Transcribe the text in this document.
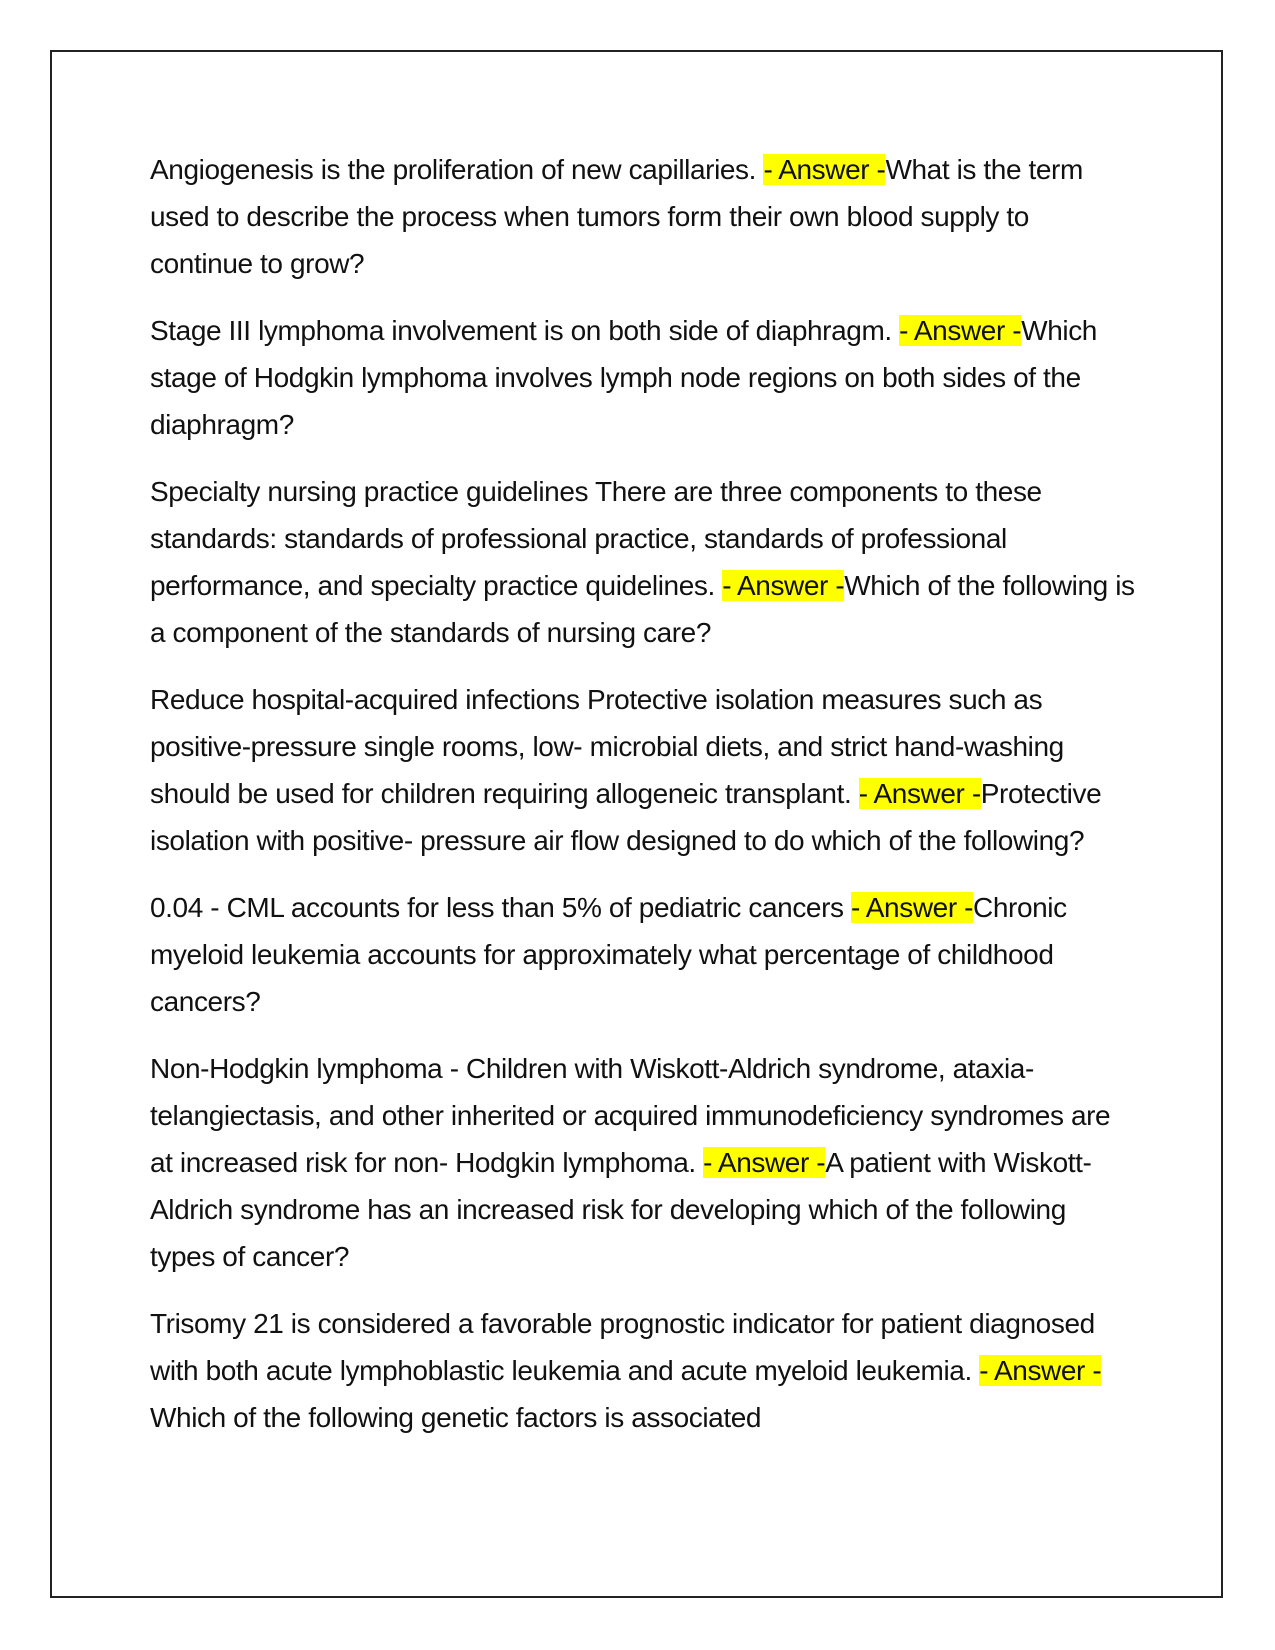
Angiogenesis is the proliferation of new capillaries. - Answer -What is the term used to describe the process when tumors form their own blood supply to continue to grow?

Stage III lymphoma involvement is on both side of diaphragm. - Answer -Which stage of Hodgkin lymphoma involves lymph node regions on both sides of the diaphragm?

Specialty nursing practice guidelines There are three components to these standards: standards of professional practice, standards of professional performance, and specialty practice quidelines. - Answer -Which of the following is a component of the standards of nursing care?

Reduce hospital-acquired infections Protective isolation measures such as positive-pressure single rooms, low- microbial diets, and strict hand-washing should be used for children requiring allogeneic transplant. - Answer -Protective isolation with positive- pressure air flow designed to do which of the following?

0.04 - CML accounts for less than 5% of pediatric cancers - Answer -Chronic myeloid leukemia accounts for approximately what percentage of childhood cancers?

Non-Hodgkin lymphoma - Children with Wiskott-Aldrich syndrome, ataxia-telangiectasis, and other inherited or acquired immunodeficiency syndromes are at increased risk for non- Hodgkin lymphoma. - Answer -A patient with Wiskott-Aldrich syndrome has an increased risk for developing which of the following types of cancer?

Trisomy 21 is considered a favorable prognostic indicator for patient diagnosed with both acute lymphoblastic leukemia and acute myeloid leukemia. - Answer -Which of the following genetic factors is associated
